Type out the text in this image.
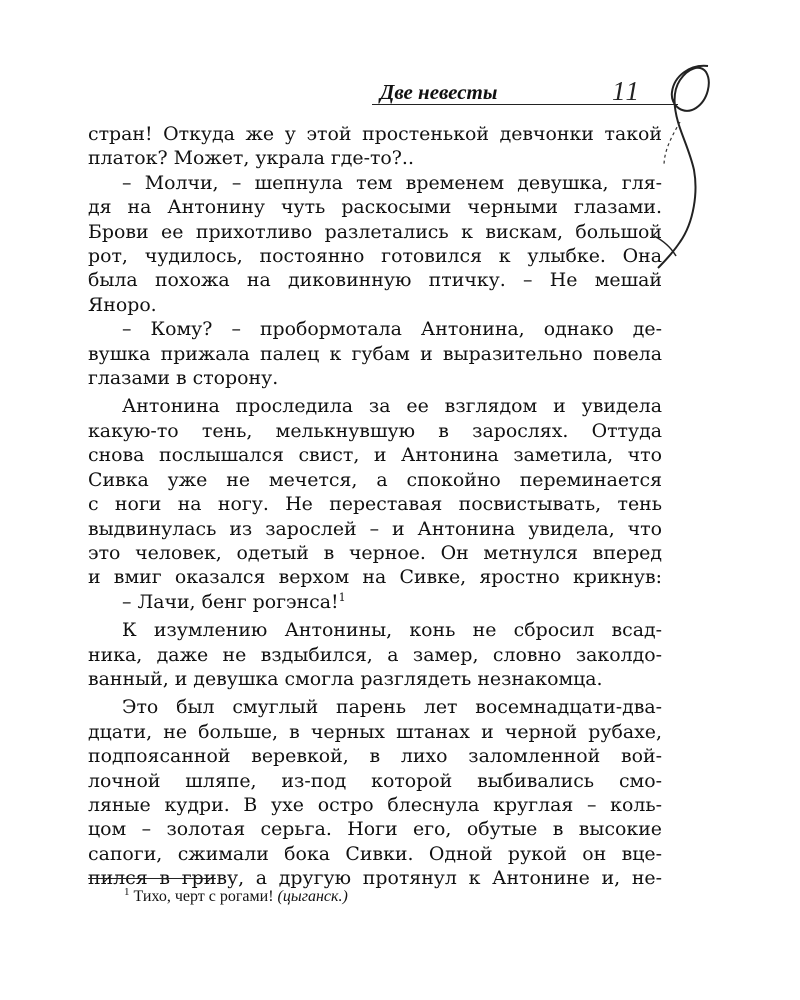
Две невесты	11

стран! Откуда же у этой простенькой девчонки такой

платок? Может, украла где-то?..

– Молчи, – шепнула тем временем девушка, гля-

дя на Антонину чуть раскосыми черными глазами.

Брови ее прихотливо разлетались к вискам, большой

рот, чудилось, постоянно готовился к улыбке. Она

была похожа на диковинную птичку. – Не мешай

Яноро.

– Кому? – пробормотала Антонина, однако де-

вушка прижала палец к губам и выразительно повела

глазами в сторону.

Антонина проследила за ее взглядом и увидела

какую-то тень, мелькнувшую в зарослях. Оттуда

снова послышался свист, и Антонина заметила, что

Сивка уже не мечется, а спокойно переминается

с ноги на ногу. Не переставая посвистывать, тень

выдвинулась из зарослей – и Антонина увидела, что

это человек, одетый в черное. Он метнулся вперед

и вмиг оказался верхом на Сивке, яростно крикнув:

– Лачи, бенг рогэнса!$^1$

К изумлению Антонины, конь не сбросил всад-

ника, даже не вздыбился, а замер, словно заколдо-

ванный, и девушка смогла разглядеть незнакомца.

Это был смуглый парень лет восемнадцати-два-

дцати, не больше, в черных штанах и черной рубахе,

подпоясанной веревкой, в лихо заломленной вой-

лочной шляпе, из-под которой выбивались смо-

ляные кудри. В ухе остро блеснула круглая – коль-

цом – золотая серьга. Ноги его, обутые в высокие

сапоги, сжимали бока Сивки. Одной рукой он вце-

пился в гриву, а другую протянул к Антонине и, не-

$^1$ Тихо, черт с рогами! (цыганск.)
